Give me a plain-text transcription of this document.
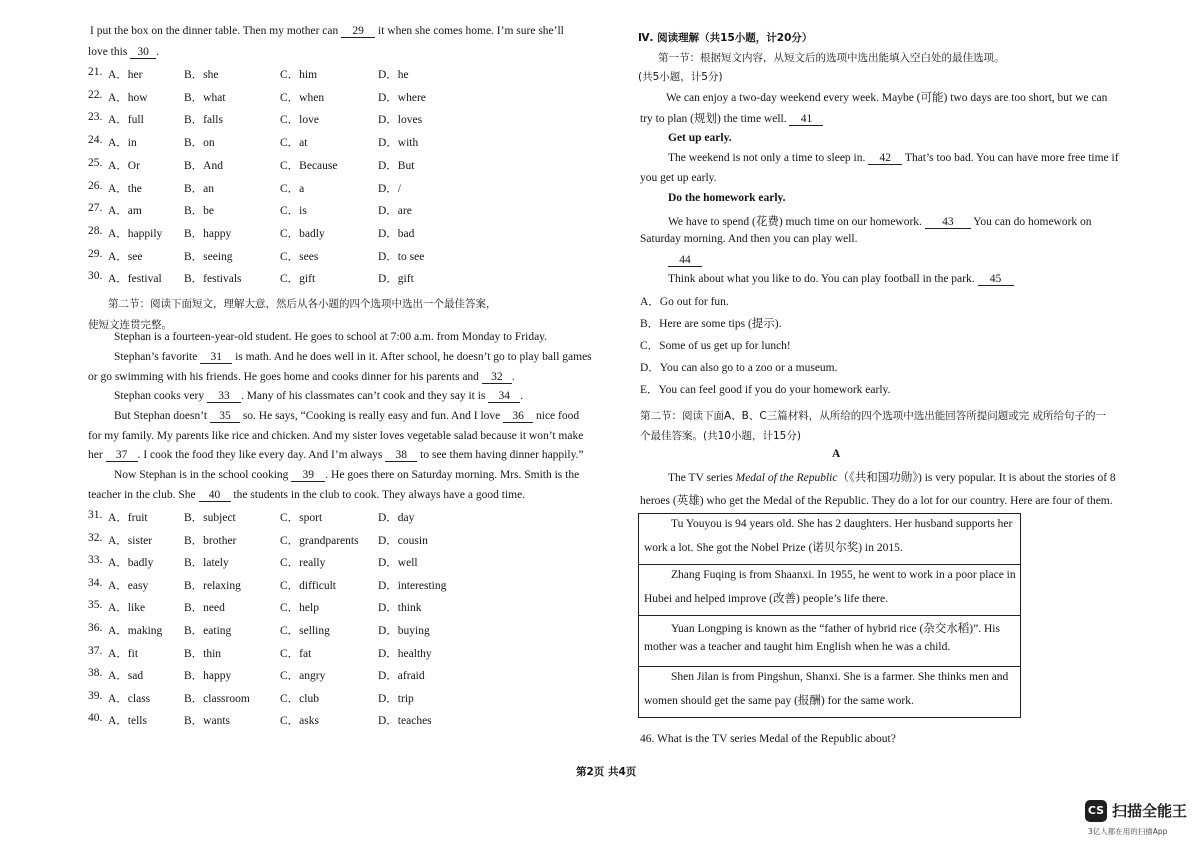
I put the box on the dinner table. Then my mother can 29 it when she comes home. I’m sure she’ll
love this 30 .
21. A．her	B．she	C．him	D．he
22. A．how	B．what	C．when	D．where
23. A．full	B．falls	C．love	D．loves
24. A．in	B．on	C．at	D．with
25. A．Or	B．And	C．Because	D．But
26. A．the	B．an	C．a	D．/
27. A．am	B．be	C．is	D．are
28. A．happily B．happy	C．badly	D．bad
29. A．see	B．seeing	C．sees	D．to see
30. A．festival B．festivals	C．gift	D．gift
第二节：阅读下面短文，理解大意，然后从各小题的四个选项中选出一个最佳答案，
使短文连贯完整。
Stephan is a fourteen-year-old student. He goes to school at 7:00 a.m. from Monday to Friday.
Stephan’s favorite 31 is math. And he does well in it. After school, he doesn’t go to play ball games
or go swimming with his friends. He goes home and cooks dinner for his parents and 32 .
Stephan cooks very 33 . Many of his classmates can’t cook and they say it is 34 .
But Stephan doesn’t 35 so. He says, “Cooking is really easy and fun. And I love 36 nice food
for my family. My parents like rice and chicken. And my sister loves vegetable salad because it won’t make
her 37 . I cook the food they like every day. And I’m always 38 to see them having dinner happily.”
Now Stephan is in the school cooking 39 . He goes there on Saturday morning. Mrs. Smith is the
teacher in the club. She 40 the students in the club to cook. They always have a good time.
31. A．fruit	B．subject	C．sport	D．day
32. A．sister	B．brother	C．grandparents D．cousin
33. A．badly	B．lately	C．really	D．well
34. A．easy	B．relaxing	C．difficult	D．interesting
35. A．like	B．need	C．help	D．think
36. A．making B．eating	C．selling	D．buying
37. A．fit	B．thin	C．fat	D．healthy
38. A．sad	B．happy	C．angry	D．afraid
39. A．class	B．classroom	C．club	D．trip
40. A．tells	B．wants	C．asks	D．teaches
Ⅳ. 阅读理解（共15小题，计20分）
第一节：根据短文内容，从短文后的选项中选出能填入空白处的最佳选项。
(共5小题，计5分)
We can enjoy a two-day weekend every week. Maybe (可能) two days are too short, but we can
try to plan (规划) the time well. 41
Get up early.
The weekend is not only a time to sleep in. 42 That’s too bad. You can have more free time if
you get up early.
Do the homework early.
We have to spend (花费) much time on our homework. 43 You can do homework on
Saturday morning. And then you can play well.
44
Think about what you like to do. You can play football in the park. 45
A．Go out for fun.
B．Here are some tips (提示).
C．Some of us get up for lunch!
D．You can also go to a zoo or a museum.
E．You can feel good if you do your homework early.
第二节：阅读下面A、B、C三篇材料，从所给的四个选项中选出能回答所提问题或完 成所给句子的一
个最佳答案。(共10小题，计15分)
A
The TV series Medal of the Republic（《共和国功勋》) is very popular. It is about the stories of 8
heroes (英雄) who get the Medal of the Republic. They do a lot for our country. Here are four of them.
Tu Youyou is 94 years old. She has 2 daughters. Her husband supports her
work a lot. She got the Nobel Prize (诺贝尔奖) in 2015.
Zhang Fuqing is from Shaanxi. In 1955, he went to work in a poor place in
Hubei and helped improve (改善) people’s life there.
Yuan Longping is known as the “father of hybrid rice (杂交水稻)”. His
mother was a teacher and taught him English when he was a child.
Shen Jilan is from Pingshun, Shanxi. She is a farmer. She thinks men and
women should get the same pay (报酬) for the same work.
46. What is the TV series Medal of the Republic about?
第2页 共4页
CS 扫描全能王
3亿人都在用的扫描App
